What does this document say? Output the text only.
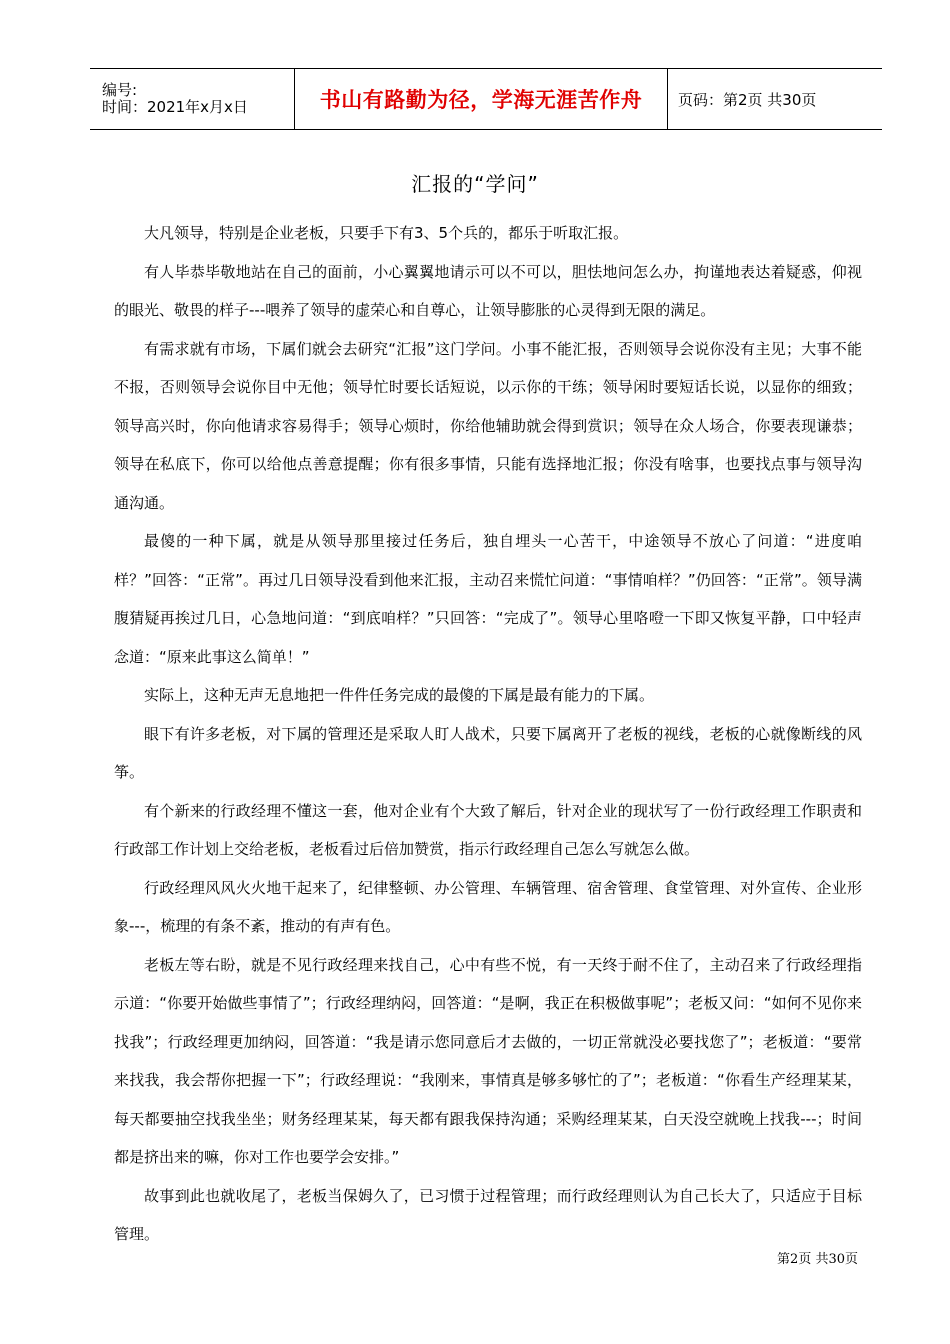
编号:
时间：2021年x月x日	书山有路勤为径，学海无涯苦作舟	页码：第2页 共30页
汇报的“学问”

大凡领导，特别是企业老板，只要手下有3、5个兵的，都乐于听取汇报。

有人毕恭毕敬地站在自己的面前，小心翼翼地请示可以不可以，胆怯地问怎么办，拘谨地表达着疑惑，仰视的眼光、敬畏的样子---喂养了领导的虚荣心和自尊心，让领导膨胀的心灵得到无限的满足。

有需求就有市场，下属们就会去研究“汇报”这门学问。小事不能汇报，否则领导会说你没有主见；大事不能不报，否则领导会说你目中无他；领导忙时要长话短说，以示你的干练；领导闲时要短话长说，以显你的细致；领导高兴时，你向他请求容易得手；领导心烦时，你给他辅助就会得到赏识；领导在众人场合，你要表现谦恭；领导在私底下，你可以给他点善意提醒；你有很多事情，只能有选择地汇报；你没有啥事，也要找点事与领导沟通沟通。

最傻的一种下属，就是从领导那里接过任务后，独自埋头一心苦干，中途领导不放心了问道：“进度咱样？”回答：“正常”。再过几日领导没看到他来汇报，主动召来慌忙问道：“事情咱样？”仍回答：“正常”。领导满腹猜疑再挨过几日，心急地问道：“到底咱样？”只回答：“完成了”。领导心里咯噔一下即又恢复平静，口中轻声念道：“原来此事这么简单！”

实际上，这种无声无息地把一件件任务完成的最傻的下属是最有能力的下属。

眼下有许多老板，对下属的管理还是采取人盯人战术，只要下属离开了老板的视线，老板的心就像断线的风筝。

有个新来的行政经理不懂这一套，他对企业有个大致了解后，针对企业的现状写了一份行政经理工作职责和行政部工作计划上交给老板，老板看过后倍加赞赏，指示行政经理自己怎么写就怎么做。

行政经理风风火火地干起来了，纪律整顿、办公管理、车辆管理、宿舍管理、食堂管理、对外宣传、企业形象---，梳理的有条不紊，推动的有声有色。

老板左等右盼，就是不见行政经理来找自己，心中有些不悦，有一天终于耐不住了，主动召来了行政经理指示道：“你要开始做些事情了”；行政经理纳闷，回答道：“是啊，我正在积极做事呢”；老板又问：“如何不见你来找我”；行政经理更加纳闷，回答道：“我是请示您同意后才去做的，一切正常就没必要找您了”；老板道：“要常来找我，我会帮你把握一下”；行政经理说：“我刚来，事情真是够多够忙的了”；老板道：“你看生产经理某某，每天都要抽空找我坐坐；财务经理某某，每天都有跟我保持沟通；采购经理某某，白天没空就晚上找我---；时间都是挤出来的嘛，你对工作也要学会安排。”

故事到此也就收尾了，老板当保姆久了，已习惯于过程管理；而行政经理则认为自己长大了，只适应于目标管理。

第2页 共30页
